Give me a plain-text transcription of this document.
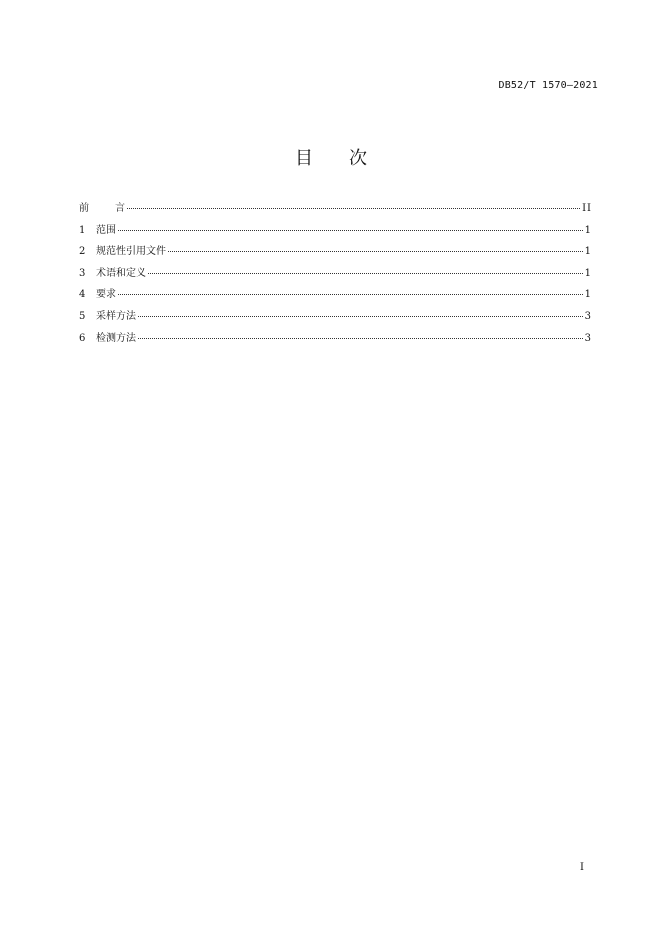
DB52/T 1570—2021
目 次
前言	II
1	范围	1
2	规范性引用文件	1
3	术语和定义	1
4	要求	1
5	采样方法	3
6	检测方法	3
I
